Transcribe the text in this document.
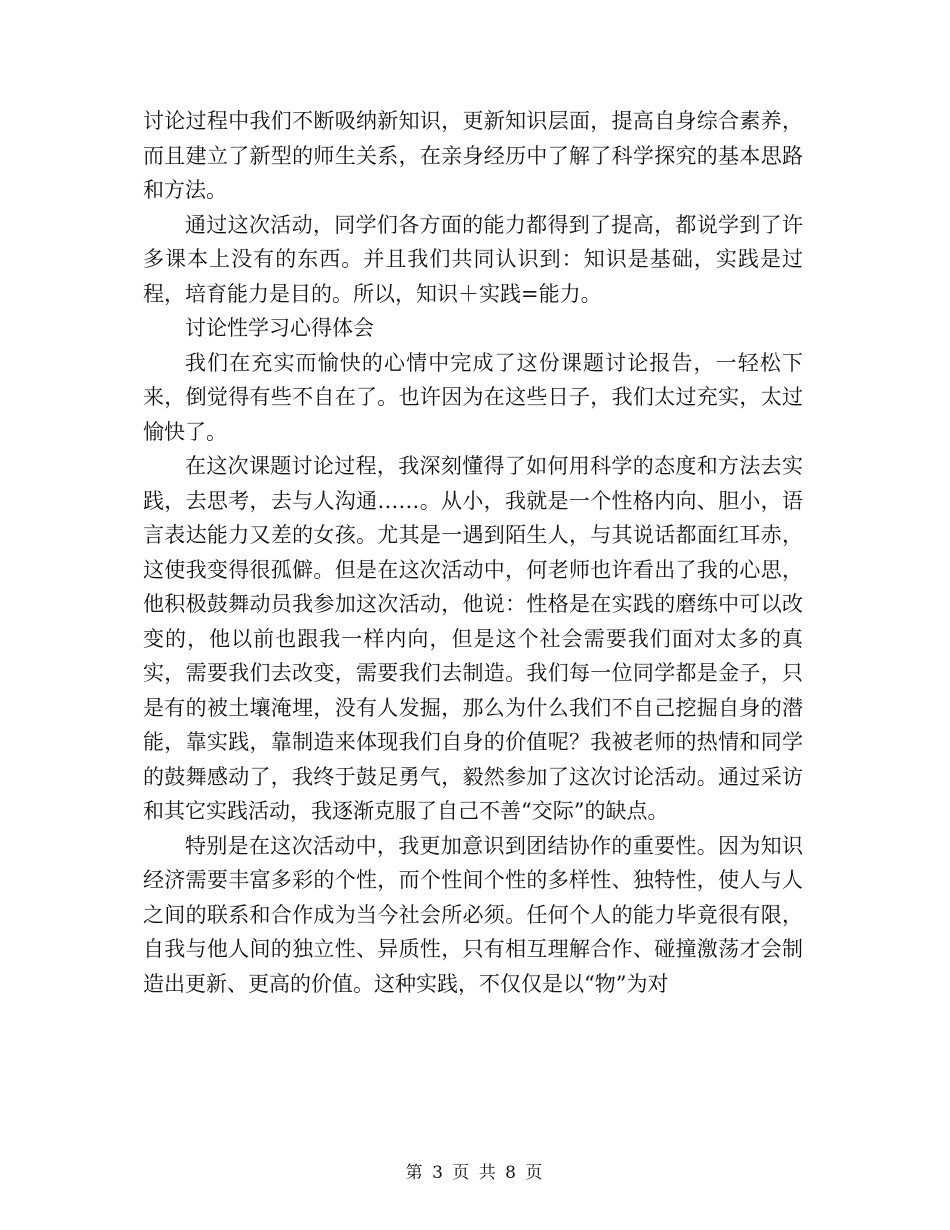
讨论过程中我们不断吸纳新知识，更新知识层面，提高自身综合素养，而且建立了新型的师生关系，在亲身经历中了解了科学探究的基本思路和方法。

通过这次活动，同学们各方面的能力都得到了提高，都说学到了许多课本上没有的东西。并且我们共同认识到：知识是基础，实践是过程，培育能力是目的。所以，知识＋实践=能力。

讨论性学习心得体会

我们在充实而愉快的心情中完成了这份课题讨论报告，一轻松下来，倒觉得有些不自在了。也许因为在这些日子，我们太过充实，太过愉快了。

在这次课题讨论过程，我深刻懂得了如何用科学的态度和方法去实践，去思考，去与人沟通……。从小，我就是一个性格内向、胆小，语言表达能力又差的女孩。尤其是一遇到陌生人，与其说话都面红耳赤，这使我变得很孤僻。但是在这次活动中，何老师也许看出了我的心思，他积极鼓舞动员我参加这次活动，他说：性格是在实践的磨练中可以改变的，他以前也跟我一样内向，但是这个社会需要我们面对太多的真实，需要我们去改变，需要我们去制造。我们每一位同学都是金子，只是有的被土壤淹埋，没有人发掘，那么为什么我们不自己挖掘自身的潜能，靠实践，靠制造来体现我们自身的价值呢？我被老师的热情和同学的鼓舞感动了，我终于鼓足勇气，毅然参加了这次讨论活动。通过采访和其它实践活动，我逐渐克服了自己不善“交际”的缺点。

特别是在这次活动中，我更加意识到团结协作的重要性。因为知识经济需要丰富多彩的个性，而个性间个性的多样性、独特性，使人与人之间的联系和合作成为当今社会所必须。任何个人的能力毕竟很有限，自我与他人间的独立性、异质性，只有相互理解合作、碰撞激荡才会制造出更新、更高的价值。这种实践，不仅仅是以“物”为对

第 3 页 共 8 页
